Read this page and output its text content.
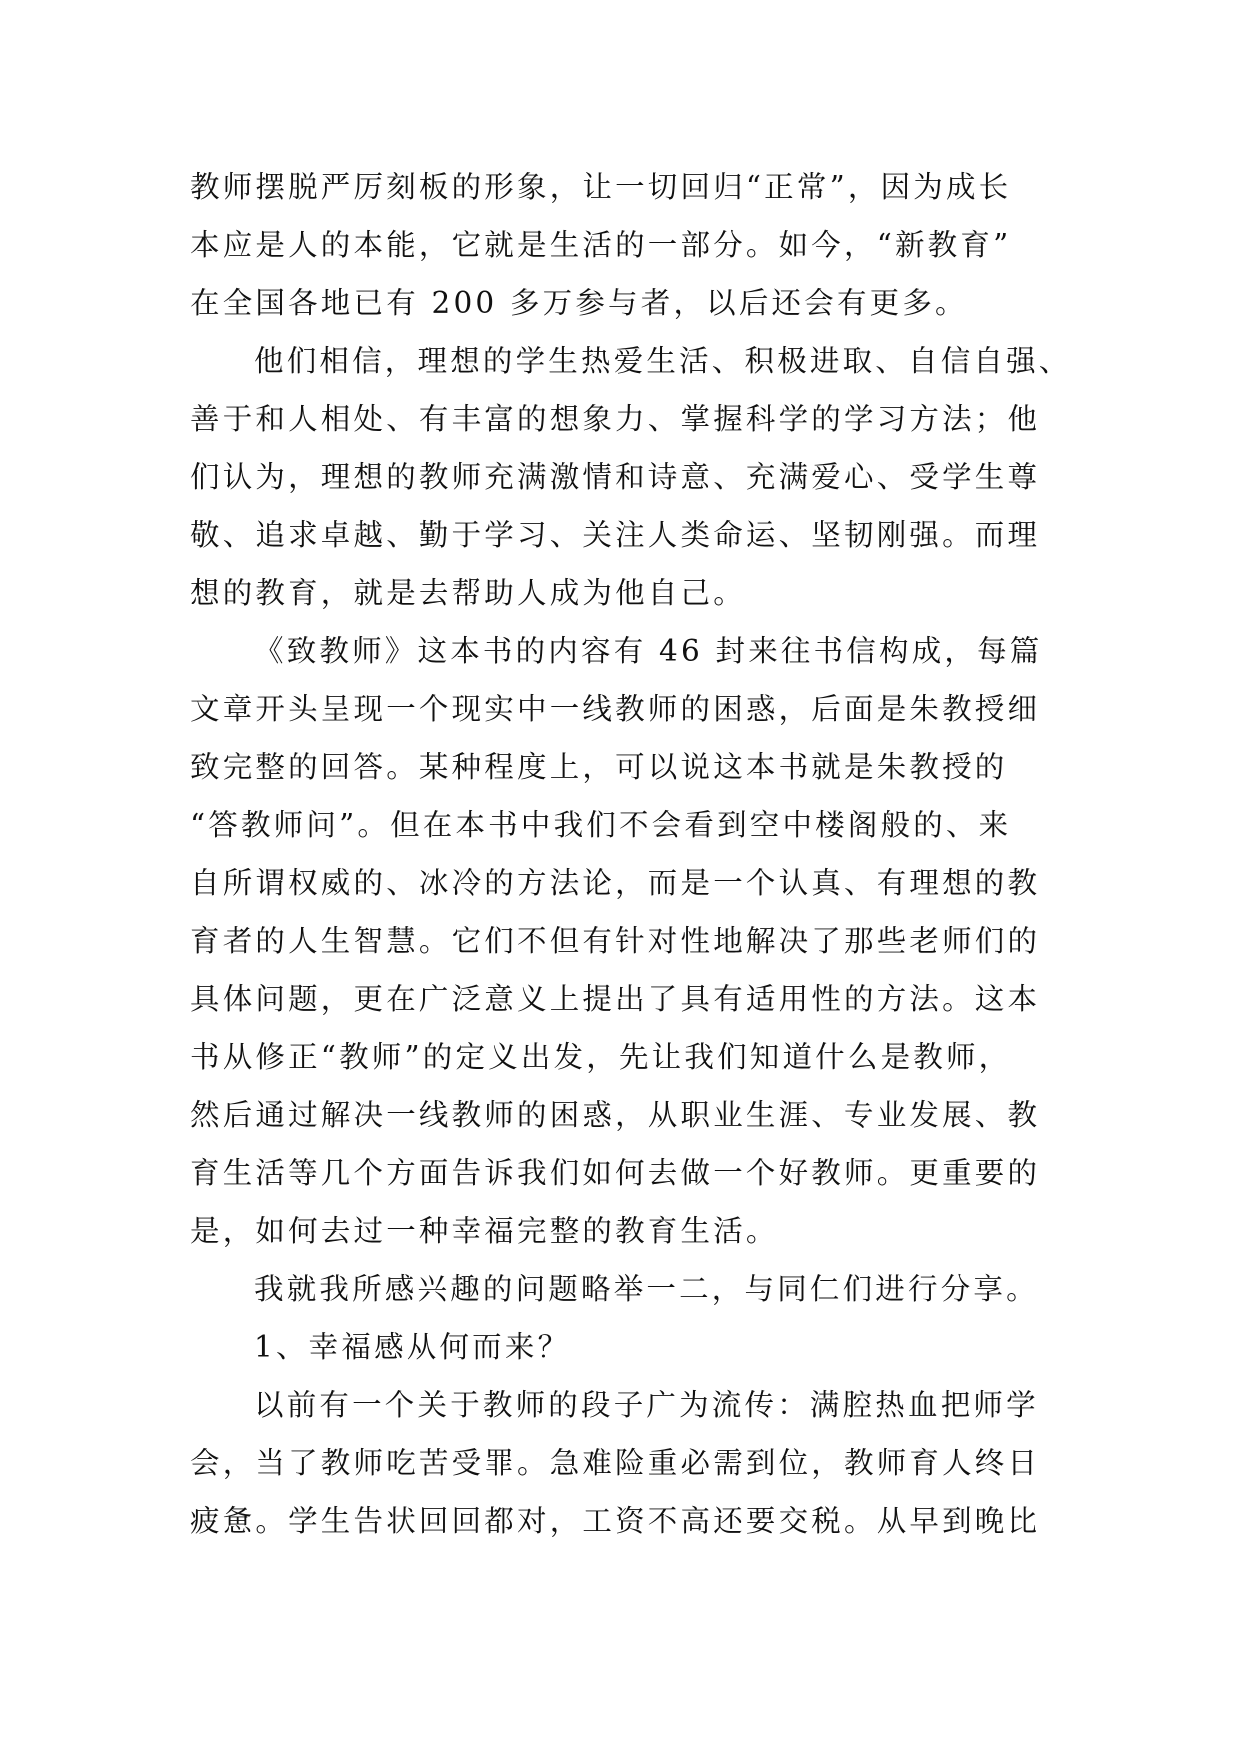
教师摆脱严厉刻板的形象，让一切回归“正常”，因为成长
本应是人的本能，它就是生活的一部分。如今，“新教育”
在全国各地已有 200 多万参与者，以后还会有更多。
他们相信，理想的学生热爱生活、积极进取、自信自强、
善于和人相处、有丰富的想象力、掌握科学的学习方法；他
们认为，理想的教师充满激情和诗意、充满爱心、受学生尊
敬、追求卓越、勤于学习、关注人类命运、坚韧刚强。而理
想的教育，就是去帮助人成为他自己。
《致教师》这本书的内容有 46 封来往书信构成，每篇
文章开头呈现一个现实中一线教师的困惑，后面是朱教授细
致完整的回答。某种程度上，可以说这本书就是朱教授的
“答教师问”。但在本书中我们不会看到空中楼阁般的、来
自所谓权威的、冰冷的方法论，而是一个认真、有理想的教
育者的人生智慧。它们不但有针对性地解决了那些老师们的
具体问题，更在广泛意义上提出了具有适用性的方法。这本
书从修正“教师”的定义出发，先让我们知道什么是教师，
然后通过解决一线教师的困惑，从职业生涯、专业发展、教
育生活等几个方面告诉我们如何去做一个好教师。更重要的
是，如何去过一种幸福完整的教育生活。
我就我所感兴趣的问题略举一二，与同仁们进行分享。
1、幸福感从何而来？
以前有一个关于教师的段子广为流传：满腔热血把师学
会，当了教师吃苦受罪。急难险重必需到位，教师育人终日
疲惫。学生告状回回都对，工资不高还要交税。从早到晚比
